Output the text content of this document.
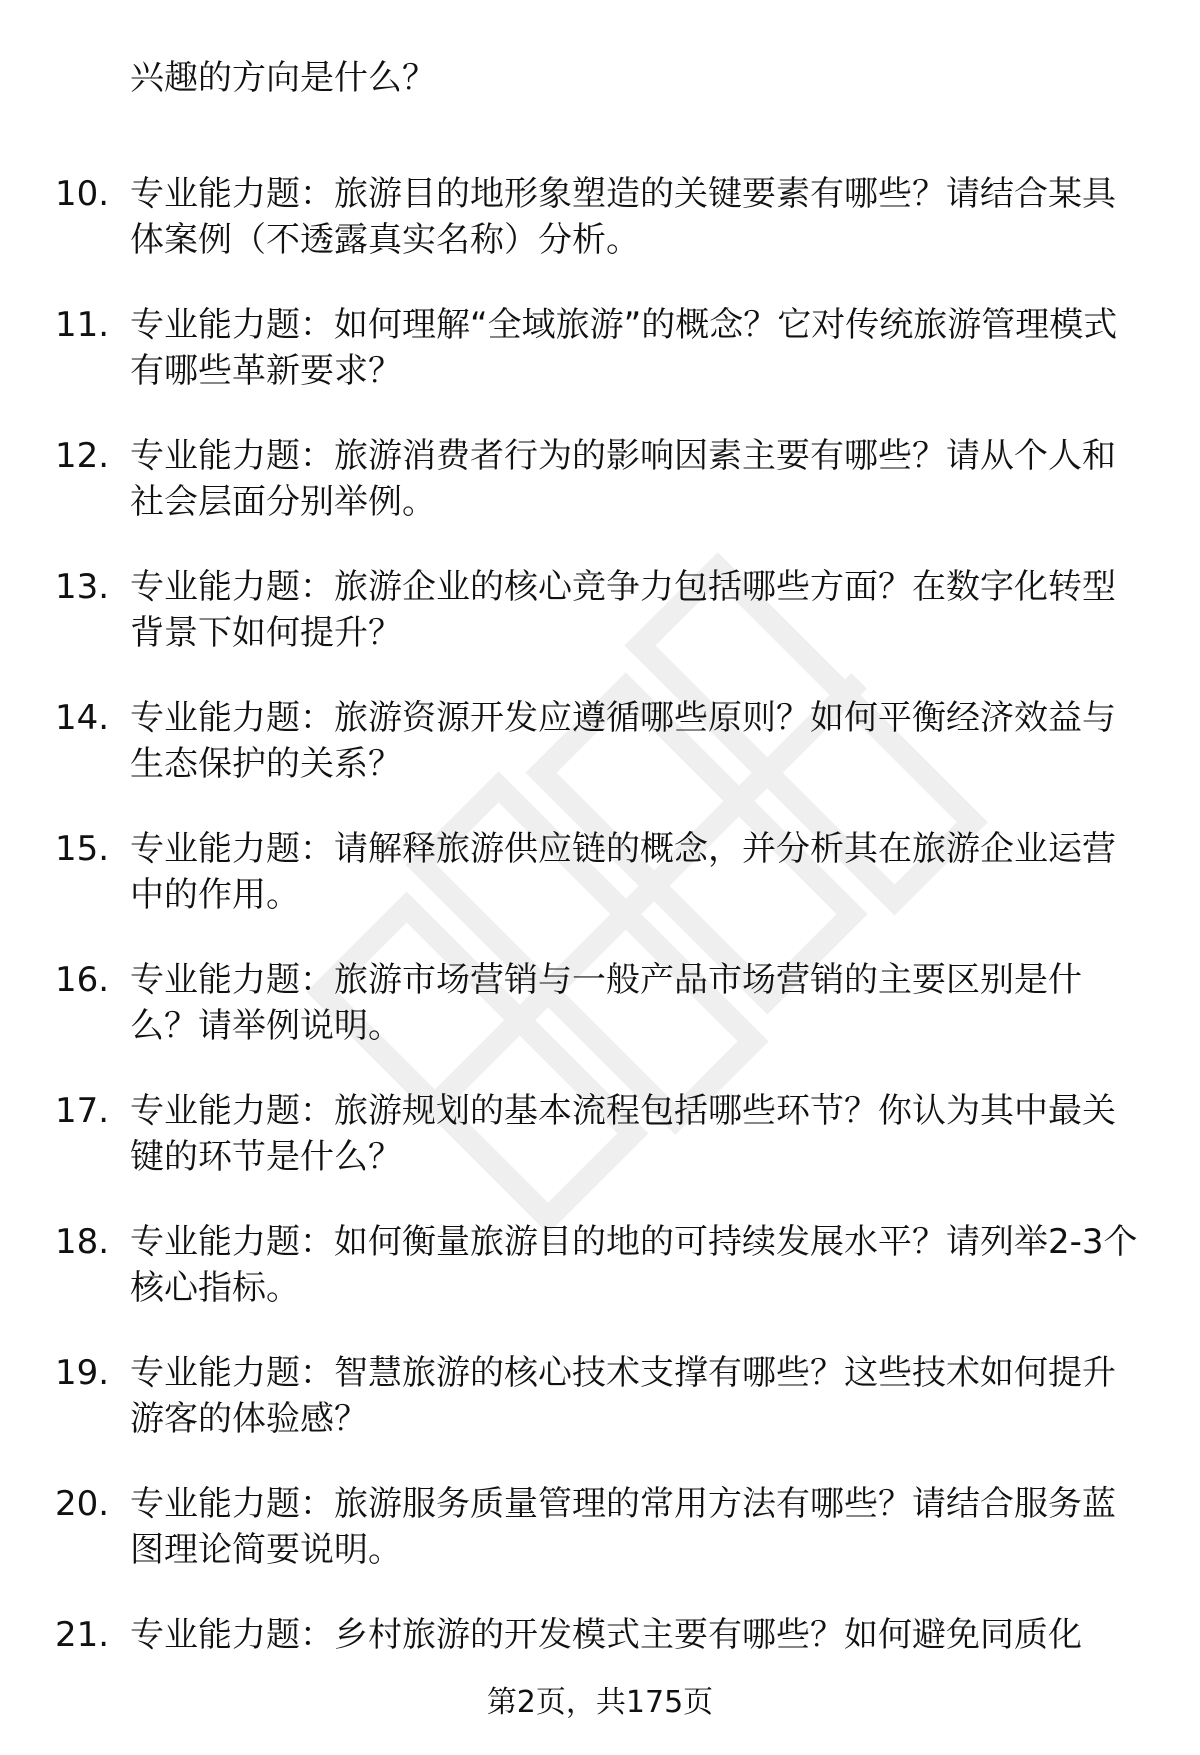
兴趣的方向是什么？
10. 专业能力题：旅游目的地形象塑造的关键要素有哪些？请结合某具体案例（不透露真实名称）分析。
11. 专业能力题：如何理解“全域旅游”的概念？它对传统旅游管理模式有哪些革新要求？
12. 专业能力题：旅游消费者行为的影响因素主要有哪些？请从个人和社会层面分别举例。
13. 专业能力题：旅游企业的核心竞争力包括哪些方面？在数字化转型背景下如何提升？
14. 专业能力题：旅游资源开发应遵循哪些原则？如何平衡经济效益与生态保护的关系？
15. 专业能力题：请解释旅游供应链的概念，并分析其在旅游企业运营中的作用。
16. 专业能力题：旅游市场营销与一般产品市场营销的主要区别是什么？请举例说明。
17. 专业能力题：旅游规划的基本流程包括哪些环节？你认为其中最关键的环节是什么？
18. 专业能力题：如何衡量旅游目的地的可持续发展水平？请列举2-3个核心指标。
19. 专业能力题：智慧旅游的核心技术支撑有哪些？这些技术如何提升游客的体验感？
20. 专业能力题：旅游服务质量管理的常用方法有哪些？请结合服务蓝图理论简要说明。
21. 专业能力题：乡村旅游的开发模式主要有哪些？如何避免同质化
第2页，共175页
